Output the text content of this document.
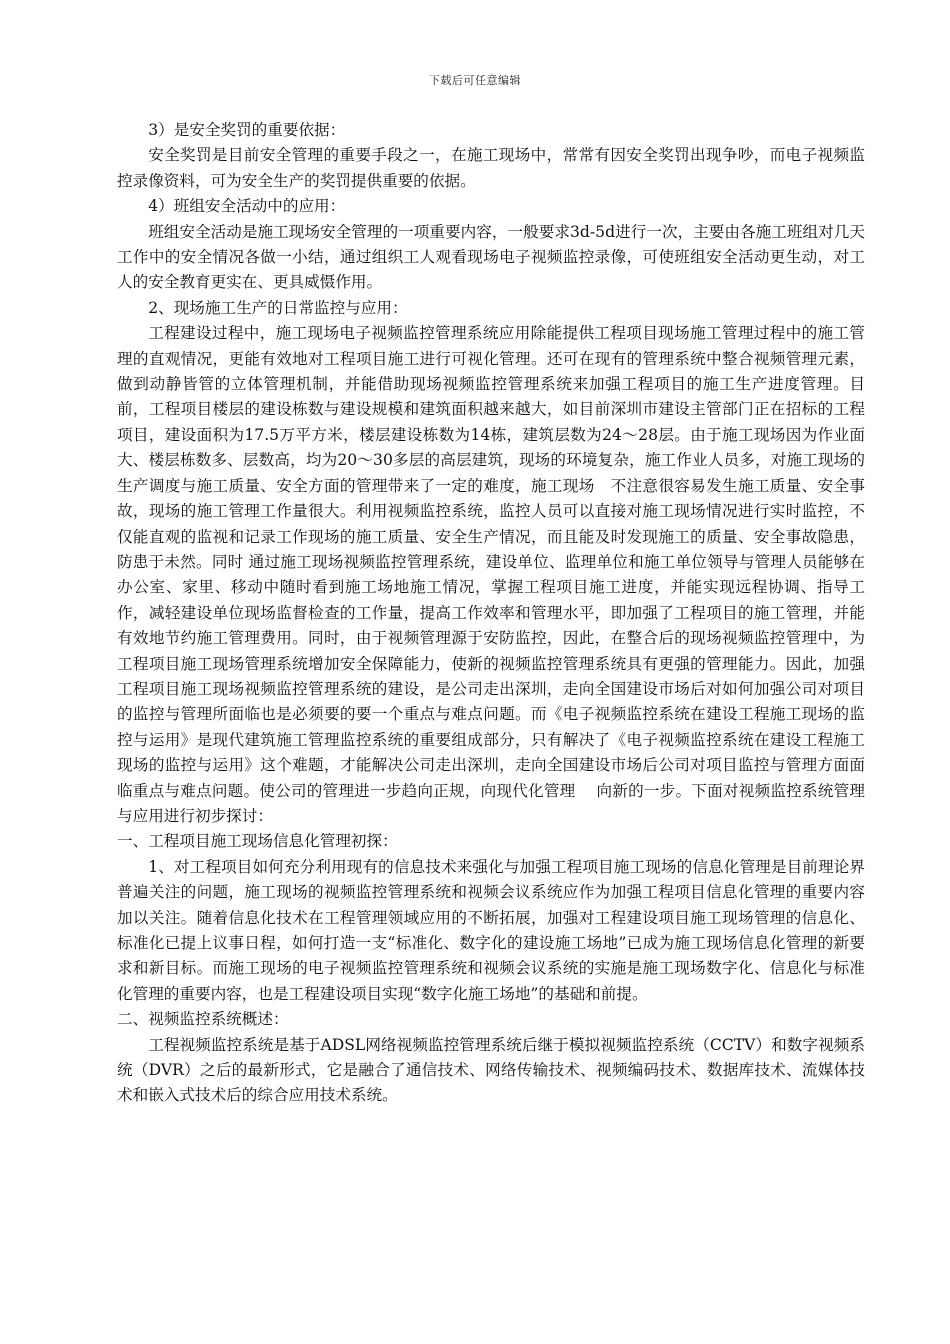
下载后可任意编辑

3）是安全奖罚的重要依据：

安全奖罚是目前安全管理的重要手段之一，在施工现场中，常常有因安全奖罚出现争吵，而电子视频监控录像资料，可为安全生产的奖罚提供重要的依据。

4）班组安全活动中的应用：

班组安全活动是施工现场安全管理的一项重要内容，一般要求3d-5d进行一次，主要由各施工班组对几天工作中的安全情况各做一小结，通过组织工人观看现场电子视频监控录像，可使班组安全活动更生动，对工人的安全教育更实在、更具威慑作用。

2、现场施工生产的日常监控与应用：

工程建设过程中，施工现场电子视频监控管理系统应用除能提供工程项目现场施工管理过程中的施工管理的直观情况，更能有效地对工程项目施工进行可视化管理。还可在现有的管理系统中整合视频管理元素，做到动静皆管的立体管理机制，并能借助现场视频监控管理系统来加强工程项目的施工生产进度管理。目前，工程项目楼层的建设栋数与建设规模和建筑面积越来越大，如目前深圳市建设主管部门正在招标的工程项目，建设面积为17.5万平方米，楼层建设栋数为14栋，建筑层数为24～28层。由于施工现场因为作业面大、楼层栋数多、层数高，均为20～30多层的高层建筑，现场的环境复杂，施工作业人员多，对施工现场的生产调度与施工质量、安全方面的管理带来了一定的难度，施工现场　不注意很容易发生施工质量、安全事故，现场的施工管理工作量很大。利用视频监控系统，监控人员可以直接对施工现场情况进行实时监控，不仅能直观的监视和记录工作现场的施工质量、安全生产情况，而且能及时发现施工的质量、安全事故隐患，防患于未然。同时 通过施工现场视频监控管理系统，建设单位、监理单位和施工单位领导与管理人员能够在办公室、家里、移动中随时看到施工场地施工情况，掌握工程项目施工进度，并能实现远程协调、指导工作，减轻建设单位现场监督检查的工作量，提高工作效率和管理水平，即加强了工程项目的施工管理，并能有效地节约施工管理费用。同时，由于视频管理源于安防监控，因此，在整合后的现场视频监控管理中，为工程项目施工现场管理系统增加安全保障能力，使新的视频监控管理系统具有更强的管理能力。因此，加强工程项目施工现场视频监控管理系统的建设，是公司走出深圳，走向全国建设市场后对如何加强公司对项目的监控与管理所面临也是必须要的要一个重点与难点问题。而《电子视频监控系统在建设工程施工现场的监控与运用》是现代建筑施工管理监控系统的重要组成部分，只有解决了《电子视频监控系统在建设工程施工现场的监控与运用》这个难题，才能解决公司走出深圳，走向全国建设市场后公司对项目监控与管理方面面临重点与难点问题。使公司的管理进一步趋向正规，向现代化管理　 向新的一步。下面对视频监控系统管理与应用进行初步探讨：

一、工程项目施工现场信息化管理初探：

1、对工程项目如何充分利用现有的信息技术来强化与加强工程项目施工现场的信息化管理是目前理论界普遍关注的问题，施工现场的视频监控管理系统和视频会议系统应作为加强工程项目信息化管理的重要内容加以关注。随着信息化技术在工程管理领域应用的不断拓展，加强对工程建设项目施工现场管理的信息化、标准化已提上议事日程，如何打造一支“标准化、数字化的建设施工场地”已成为施工现场信息化管理的新要求和新目标。而施工现场的电子视频监控管理系统和视频会议系统的实施是施工现场数字化、信息化与标准化管理的重要内容，也是工程建设项目实现“数字化施工场地”的基础和前提。

二、视频监控系统概述：

工程视频监控系统是基于ADSL网络视频监控管理系统后继于模拟视频监控系统（CCTV）和数字视频系统（DVR）之后的最新形式，它是融合了通信技术、网络传输技术、视频编码技术、数据库技术、流媒体技术和嵌入式技术后的综合应用技术系统。
